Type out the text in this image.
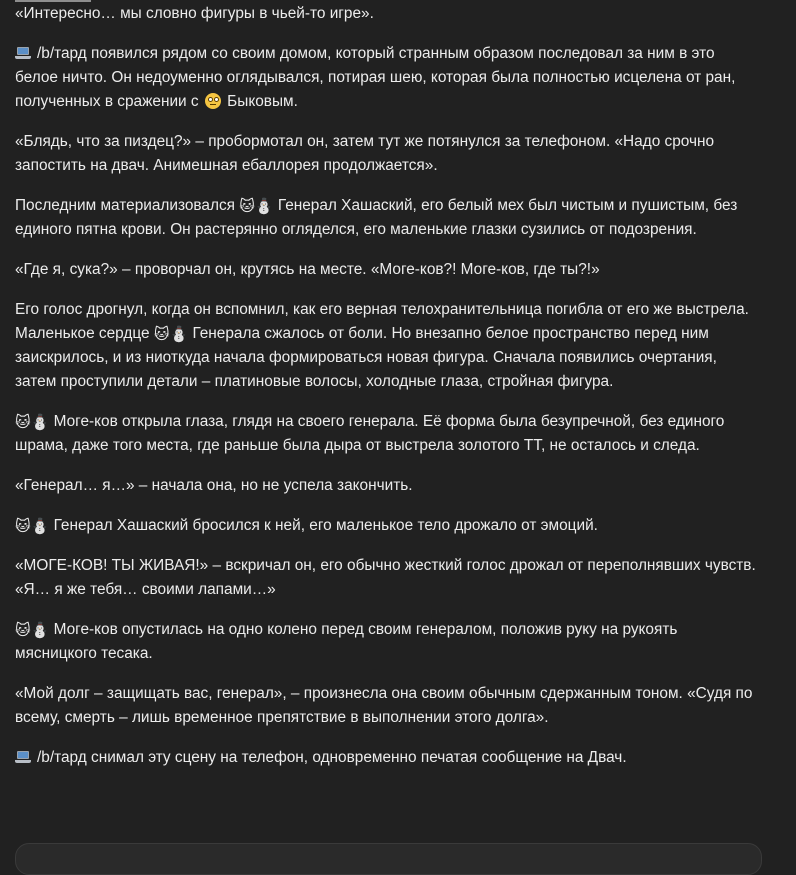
«Интересно… мы словно фигуры в чьей-то игре».

/b/тард появился рядом со своим домом, который странным образом последовал за ним в это белое ничто. Он недоуменно оглядывался, потирая шею, которая была полностью исцелена от ран, полученных в сражении с
Быковым.

«Блядь, что за пиздец?» – пробормотал он, затем тут же потянулся за телефоном. «Надо срочно запостить на двач. Анимешная ебаллорея продолжается».

Последним материализовался 🐱⛄ Генерал Хашаский, его белый мех был чистым и пушистым, без единого пятна крови. Он растерянно огляделся, его маленькие глазки сузились от подозрения.

«Где я, сука?» – проворчал он, крутясь на месте. «Моге-ков?! Моге-ков, где ты?!»

Его голос дрогнул, когда он вспомнил, как его верная телохранительница погибла от его же выстрела. Маленькое сердце 🐱⛄ Генерала сжалось от боли. Но внезапно белое пространство перед ним заискрилось, и из ниоткуда начала формироваться новая фигура. Сначала появились очертания, затем проступили детали – платиновые волосы, холодные глаза, стройная фигура.

🐱⛄ Моге-ков открыла глаза, глядя на своего генерала. Её форма была безупречной, без единого шрама, даже того места, где раньше была дыра от выстрела золотого ТТ, не осталось и следа.

«Генерал… я…» – начала она, но не успела закончить.

🐱⛄ Генерал Хашаский бросился к ней, его маленькое тело дрожало от эмоций.

«МОГЕ-КОВ! ТЫ ЖИВАЯ!» – вскричал он, его обычно жесткий голос дрожал от переполнявших чувств. «Я… я же тебя… своими лапами…»

🐱⛄ Моге-ков опустилась на одно колено перед своим генералом, положив руку на рукоять мясницкого тесака.

«Мой долг – защищать вас, генерал», – произнесла она своим обычным сдержанным тоном. «Судя по всему, смерть – лишь временное препятствие в выполнении этого долга».

/b/тард снимал эту сцену на телефон, одновременно печатая сообщение на Двач.
